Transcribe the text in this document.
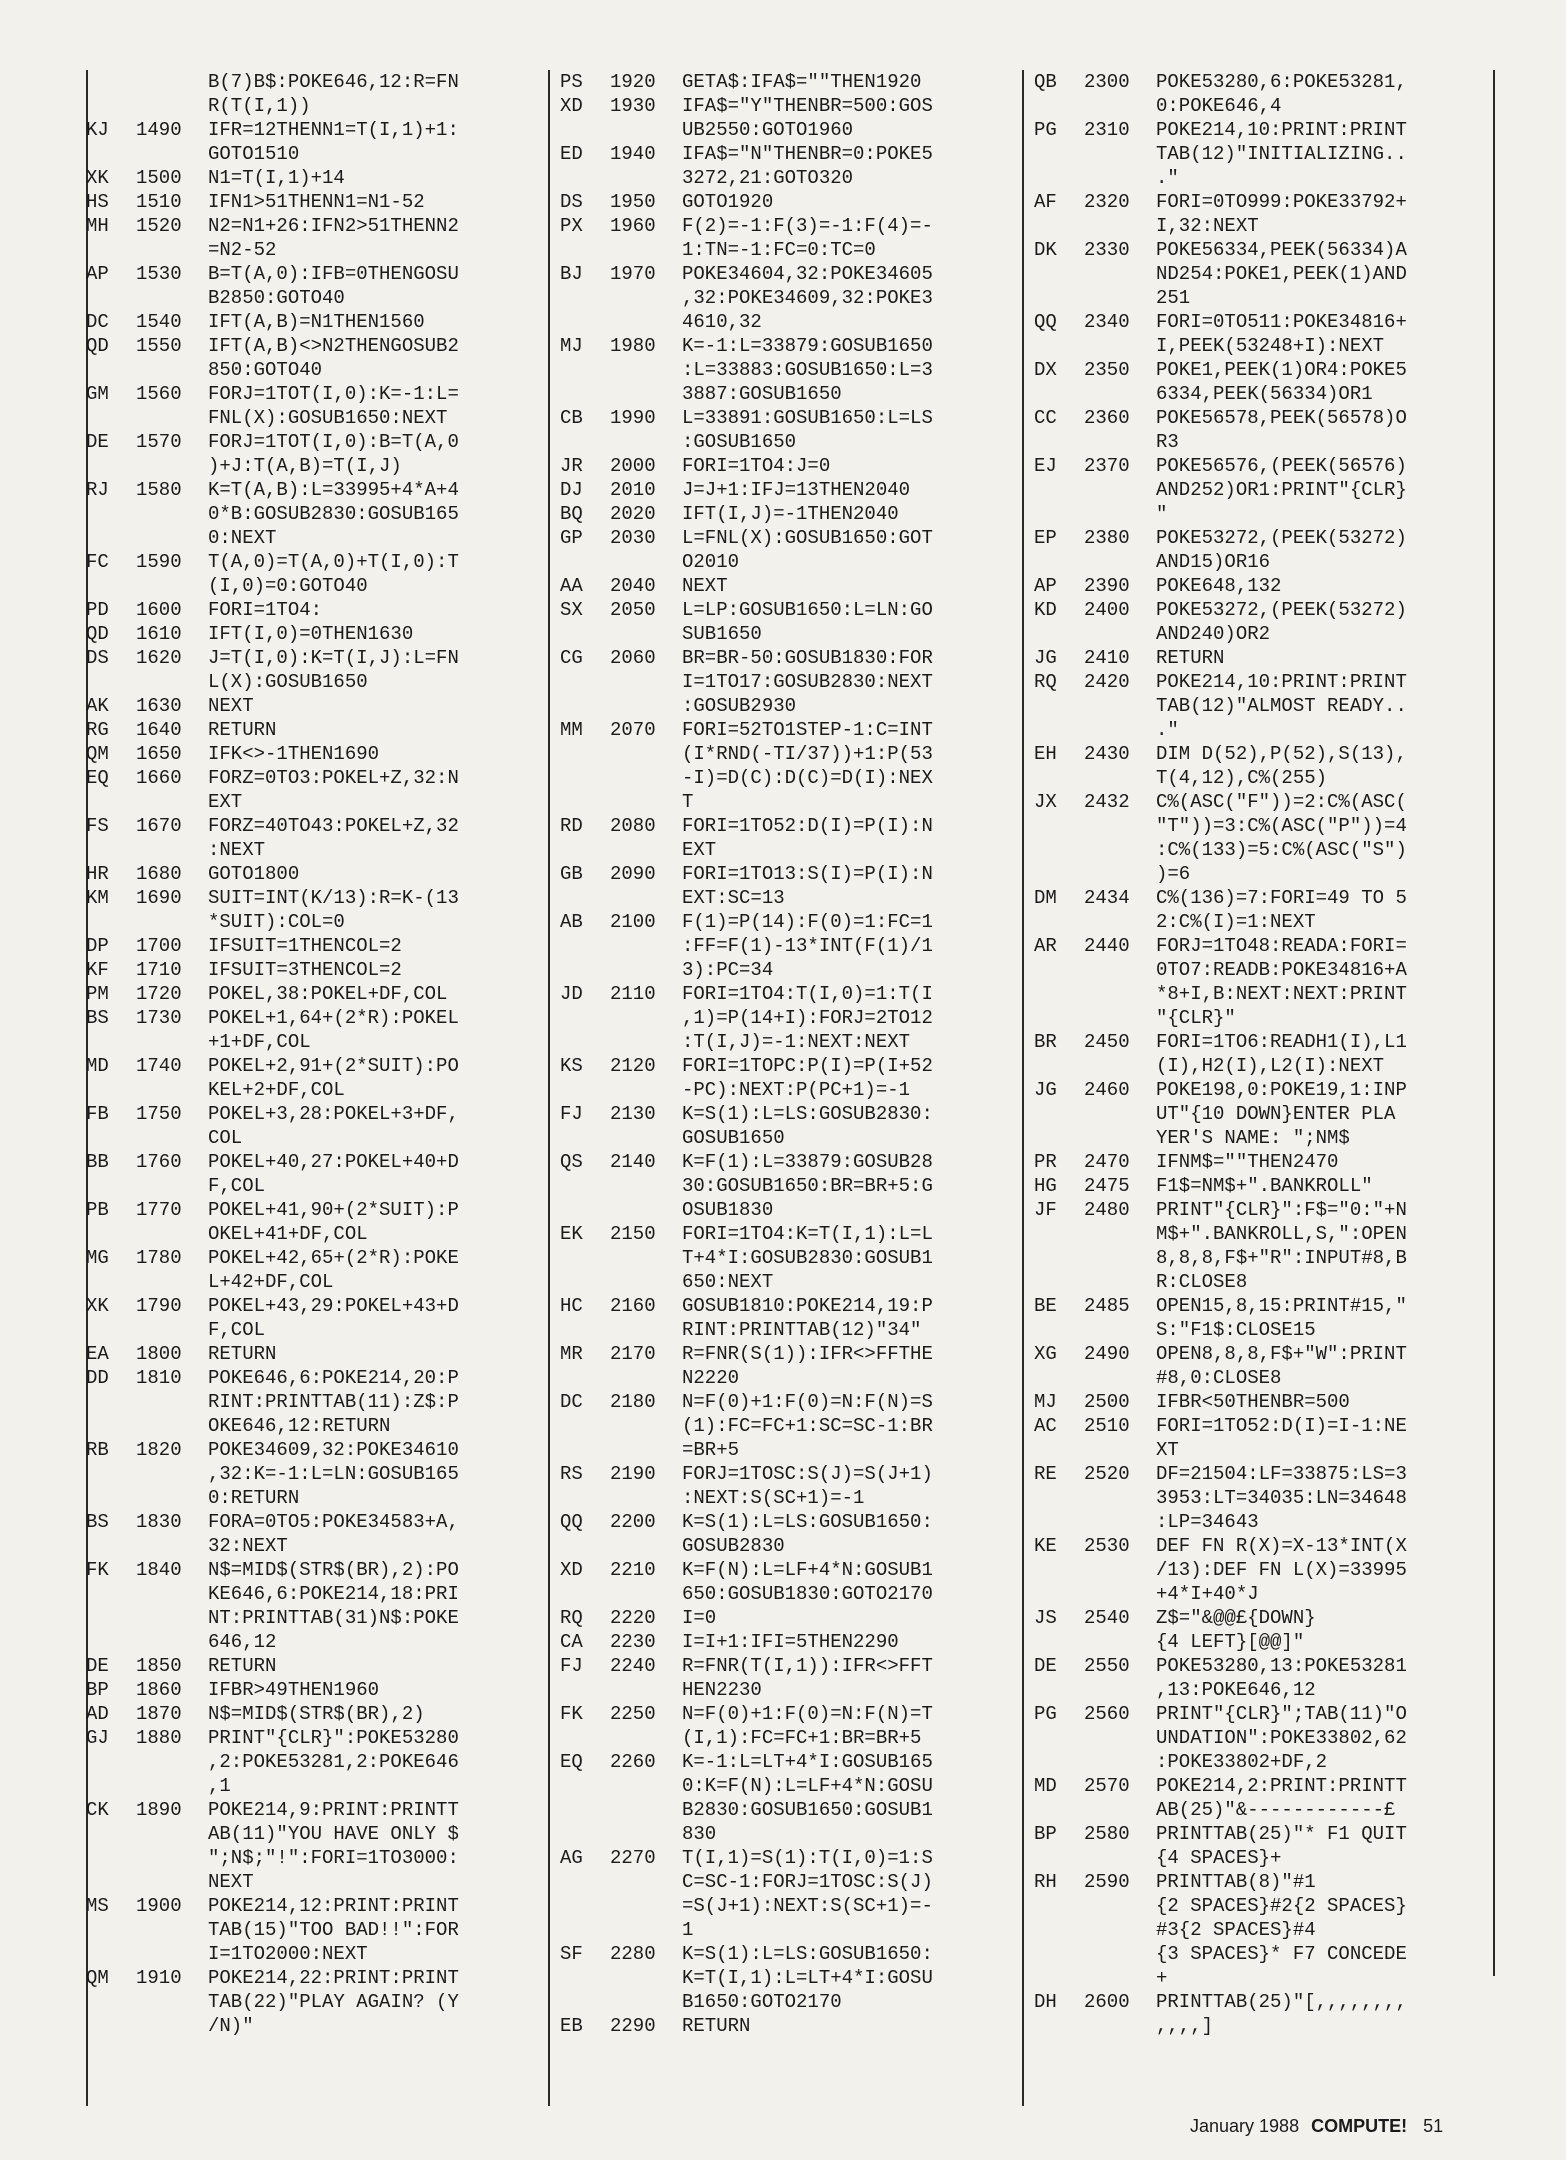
B(7)B$:POKE646,12:R=FN
R(T(I,1))
KJ 1490 IFR=12THENN1=T(I,1)+1:
GOTO1510
XK 1500 N1=T(I,1)+14
HS 1510 IFN1>51THENN1=N1-52
MH 1520 N2=N1+26:IFN2>51THENN2
=N2-52
AP 1530 B=T(A,0):IFB=0THENGOSU
B2850:GOTO40
DC 1540 IFT(A,B)=N1THEN1560
QD 1550 IFT(A,B)<>N2THENGOSUB2
850:GOTO40
GM 1560 FORJ=1TOT(I,0):K=-1:L=
FNL(X):GOSUB1650:NEXT
DE 1570 FORJ=1TOT(I,0):B=T(A,0
)+J:T(A,B)=T(I,J)
RJ 1580 K=T(A,B):L=33995+4*A+4
0*B:GOSUB2830:GOSUB165
0:NEXT
FC 1590 T(A,0)=T(A,0)+T(I,0):T
(I,0)=0:GOTO40
PD 1600 FORI=1TO4:
QD 1610 IFT(I,0)=0THEN1630
DS 1620 J=T(I,0):K=T(I,J):L=FN
L(X):GOSUB1650
AK 1630 NEXT
RG 1640 RETURN
QM 1650 IFK<>-1THEN1690
EQ 1660 FORZ=0TO3:POKEL+Z,32:N
EXT
FS 1670 FORZ=40TO43:POKEL+Z,32
:NEXT
HR 1680 GOTO1800
KM 1690 SUIT=INT(K/13):R=K-(13
*SUIT):COL=0
DP 1700 IFSUIT=1THENCOL=2
KF 1710 IFSUIT=3THENCOL=2
PM 1720 POKEL,38:POKEL+DF,COL
BS 1730 POKEL+1,64+(2*R):POKEL
+1+DF,COL
MD 1740 POKEL+2,91+(2*SUIT):PO
KEL+2+DF,COL
FB 1750 POKEL+3,28:POKEL+3+DF,
COL
BB 1760 POKEL+40,27:POKEL+40+D
F,COL
PB 1770 POKEL+41,90+(2*SUIT):P
OKEL+41+DF,COL
MG 1780 POKEL+42,65+(2*R):POKE
L+42+DF,COL
XK 1790 POKEL+43,29:POKEL+43+D
F,COL
EA 1800 RETURN
DD 1810 POKE646,6:POKE214,20:P
RINT:PRINTTAB(11):Z$:P
OKE646,12:RETURN
RB 1820 POKE34609,32:POKE34610
,32:K=-1:L=LN:GOSUB165
0:RETURN
BS 1830 FORA=0TO5:POKE34583+A,
32:NEXT
FK 1840 N$=MID$(STR$(BR),2):PO
KE646,6:POKE214,18:PRI
NT:PRINTTAB(31)N$:POKE
646,12
DE 1850 RETURN
BP 1860 IFBR>49THEN1960
AD 1870 N$=MID$(STR$(BR),2)
GJ 1880 PRINT"{CLR}":POKE53280
,2:POKE53281,2:POKE646
,1
CK 1890 POKE214,9:PRINT:PRINTT
AB(11)"YOU HAVE ONLY $
";N$;"!":FORI=1TO3000:
NEXT
MS 1900 POKE214,12:PRINT:PRINT
TAB(15)"TOO BAD!!":FOR
I=1TO2000:NEXT
QM 1910 POKE214,22:PRINT:PRINT
TAB(22)"PLAY AGAIN? (Y
/N)"
PS 1920 GETA$:IFA$=""THEN1920
XD 1930 IFA$="Y"THENBR=500:GOS
UB2550:GOTO1960
ED 1940 IFA$="N"THENBR=0:POKE5
3272,21:GOTO320
DS 1950 GOTO1920
PX 1960 F(2)=-1:F(3)=-1:F(4)=-
1:TN=-1:FC=0:TC=0
BJ 1970 POKE34604,32:POKE34605
,32:POKE34609,32:POKE3
4610,32
MJ 1980 K=-1:L=33879:GOSUB1650
:L=33883:GOSUB1650:L=3
3887:GOSUB1650
CB 1990 L=33891:GOSUB1650:L=LS
:GOSUB1650
JR 2000 FORI=1TO4:J=0
DJ 2010 J=J+1:IFJ=13THEN2040
BQ 2020 IFT(I,J)=-1THEN2040
GP 2030 L=FNL(X):GOSUB1650:GOT
O2010
AA 2040 NEXT
SX 2050 L=LP:GOSUB1650:L=LN:GO
SUB1650
CG 2060 BR=BR-50:GOSUB1830:FOR
I=1TO17:GOSUB2830:NEXT
:GOSUB2930
MM 2070 FORI=52TO1STEP-1:C=INT
(I*RND(-TI/37))+1:P(53
-I)=D(C):D(C)=D(I):NEX
T
RD 2080 FORI=1TO52:D(I)=P(I):N
EXT
GB 2090 FORI=1TO13:S(I)=P(I):N
EXT:SC=13
AB 2100 F(1)=P(14):F(0)=1:FC=1
:FF=F(1)-13*INT(F(1)/1
3):PC=34
JD 2110 FORI=1TO4:T(I,0)=1:T(I
,1)=P(14+I):FORJ=2TO12
:T(I,J)=-1:NEXT:NEXT
KS 2120 FORI=1TOPC:P(I)=P(I+52
-PC):NEXT:P(PC+1)=-1
FJ 2130 K=S(1):L=LS:GOSUB2830:
GOSUB1650
QS 2140 K=F(1):L=33879:GOSUB28
30:GOSUB1650:BR=BR+5:G
OSUB1830
EK 2150 FORI=1TO4:K=T(I,1):L=L
T+4*I:GOSUB2830:GOSUB1
650:NEXT
HC 2160 GOSUB1810:POKE214,19:P
RINT:PRINTTAB(12)"34"
MR 2170 R=FNR(S(1)):IFR<>FFTHE
N2220
DC 2180 N=F(0)+1:F(0)=N:F(N)=S
(1):FC=FC+1:SC=SC-1:BR
=BR+5
RS 2190 FORJ=1TOSC:S(J)=S(J+1)
:NEXT:S(SC+1)=-1
QQ 2200 K=S(1):L=LS:GOSUB1650:
GOSUB2830
XD 2210 K=F(N):L=LF+4*N:GOSUB1
650:GOSUB1830:GOTO2170
RQ 2220 I=0
CA 2230 I=I+1:IFI=5THEN2290
FJ 2240 R=FNR(T(I,1)):IFR<>FFT
HEN2230
FK 2250 N=F(0)+1:F(0)=N:F(N)=T
(I,1):FC=FC+1:BR=BR+5
EQ 2260 K=-1:L=LT+4*I:GOSUB165
0:K=F(N):L=LF+4*N:GOSU
B2830:GOSUB1650:GOSUB1
830
AG 2270 T(I,1)=S(1):T(I,0)=1:S
C=SC-1:FORJ=1TOSC:S(J)
=S(J+1):NEXT:S(SC+1)=-
1
SF 2280 K=S(1):L=LS:GOSUB1650:
K=T(I,1):L=LT+4*I:GOSU
B1650:GOTO2170
EB 2290 RETURN
QB 2300 POKE53280,6:POKE53281,
0:POKE646,4
PG 2310 POKE214,10:PRINT:PRINT
TAB(12)"INITIALIZING..
."
AF 2320 FORI=0TO999:POKE33792+
I,32:NEXT
DK 2330 POKE56334,PEEK(56334)A
ND254:POKE1,PEEK(1)AND
251
QQ 2340 FORI=0TO511:POKE34816+
I,PEEK(53248+I):NEXT
DX 2350 POKE1,PEEK(1)OR4:POKE5
6334,PEEK(56334)OR1
CC 2360 POKE56578,PEEK(56578)O
R3
EJ 2370 POKE56576,(PEEK(56576)
AND252)OR1:PRINT"{CLR}
"
EP 2380 POKE53272,(PEEK(53272)
AND15)OR16
AP 2390 POKE648,132
KD 2400 POKE53272,(PEEK(53272)
AND240)OR2
JG 2410 RETURN
RQ 2420 POKE214,10:PRINT:PRINT
TAB(12)"ALMOST READY..
."
EH 2430 DIM D(52),P(52),S(13),
T(4,12),C%(255)
JX 2432 C%(ASC("F"))=2:C%(ASC(
"T"))=3:C%(ASC("P"))=4
:C%(133)=5:C%(ASC("S")
)=6
DM 2434 C%(136)=7:FORI=49 TO 5
2:C%(I)=1:NEXT
AR 2440 FORJ=1TO48:READA:FORI=
0TO7:READB:POKE34816+A
*8+I,B:NEXT:NEXT:PRINT
"{CLR}"
BR 2450 FORI=1TO6:READH1(I),L1
(I),H2(I),L2(I):NEXT
JG 2460 POKE198,0:POKE19,1:INP
UT"{10 DOWN}ENTER PLA
YER'S NAME: ";NM$
PR 2470 IFNM$=""THEN2470
HG 2475 F1$=NM$+".BANKROLL"
JF 2480 PRINT"{CLR}":F$="0:"+N
M$+".BANKROLL,S,":OPEN
8,8,8,F$+"R":INPUT#8,B
R:CLOSE8
BE 2485 OPEN15,8,15:PRINT#15,"
S:"F1$:CLOSE15
XG 2490 OPEN8,8,8,F$+"W":PRINT
#8,0:CLOSE8
MJ 2500 IFBR<50THENBR=500
AC 2510 FORI=1TO52:D(I)=I-1:NE
XT
RE 2520 DF=21504:LF=33875:LS=3
3953:LT=34035:LN=34648
:LP=34643
KE 2530 DEF FN R(X)=X-13*INT(X
/13):DEF FN L(X)=33995
+4*I+40*J
JS 2540 Z$="&@@£{DOWN}
{4 LEFT}[@@]"
DE 2550 POKE53280,13:POKE53281
,13:POKE646,12
PG 2560 PRINT"{CLR}";TAB(11)"O
UNDATION":POKE33802,62
:POKE33802+DF,2
MD 2570 POKE214,2:PRINT:PRINTT
AB(25)"&------------£
BP 2580 PRINTTAB(25)"* F1 QUIT
{4 SPACES}+
RH 2590 PRINTTAB(8)"#1
{2 SPACES}#2{2 SPACES}
#3{2 SPACES}#4
{3 SPACES}* F7 CONCEDE
+
DH 2600 PRINTTAB(25)"[,,,,,,,,
,,,,]
January 1988 COMPUTE! 51
